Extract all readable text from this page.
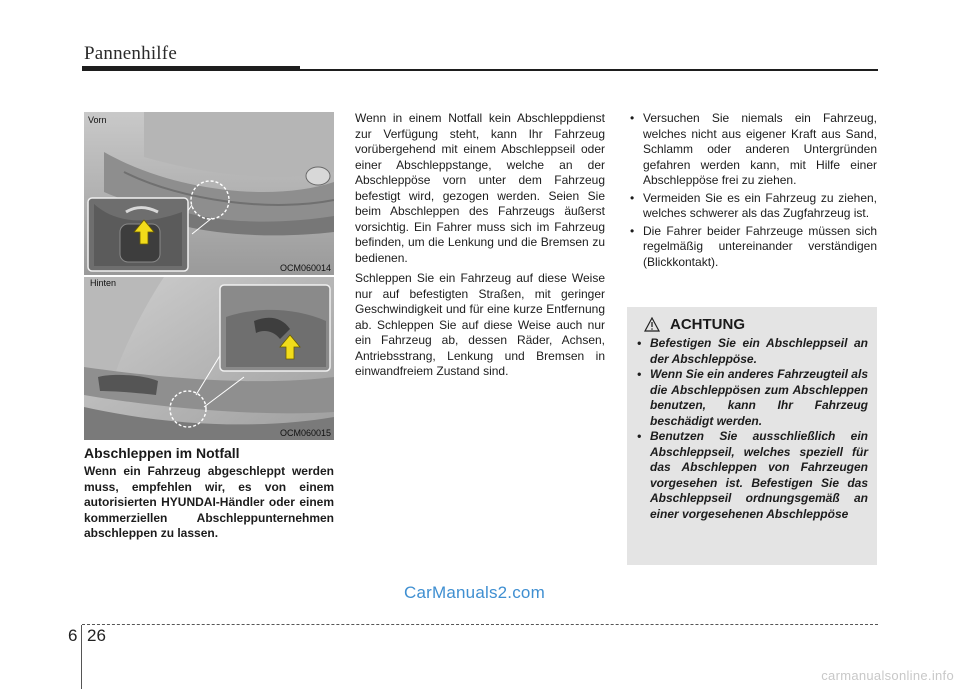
Pannenhilfe
Vorn
OCM060014
Hinten
OCM060015
Abschleppen im Notfall

Wenn ein Fahrzeug abgeschleppt werden muss, empfehlen wir, es von einem autorisierten HYUNDAI-Händler oder einem kommerziellen Abschleppunternehmen abschleppen zu lassen.

Wenn in einem Notfall kein Abschleppdienst zur Verfügung steht, kann Ihr Fahrzeug vorübergehend mit einem Abschleppseil oder einer Abschleppstange, welche an der Abschleppöse vorn unter dem Fahrzeug befestigt wird, gezogen werden. Seien Sie beim Abschleppen des Fahrzeugs äußerst vorsichtig. Ein Fahrer muss sich im Fahrzeug befinden, um die Lenkung und die Bremsen zu bedienen.

Schleppen Sie ein Fahrzeug auf diese Weise nur auf befestigten Straßen, mit geringer Geschwindigkeit und für eine kurze Entfernung ab. Schleppen Sie auf diese Weise auch nur ein Fahrzeug ab, dessen Räder, Achsen, Antriebsstrang, Lenkung und Bremsen in einwandfreiem Zustand sind.

• Versuchen Sie niemals ein Fahrzeug, welches nicht aus eigener Kraft aus Sand, Schlamm oder anderen Untergründen gefahren werden kann, mit Hilfe einer Abschleppöse frei zu ziehen.
• Vermeiden Sie es ein Fahrzeug zu ziehen, welches schwerer als das Zugfahrzeug ist.
• Die Fahrer beider Fahrzeuge müssen sich regelmäßig untereinander verständigen (Blickkontakt).
ACHTUNG
• Befestigen Sie ein Abschleppseil an der Abschleppöse.
• Wenn Sie ein anderes Fahrzeugteil als die Abschleppösen zum Abschleppen benutzen, kann Ihr Fahrzeug beschädigt werden.
• Benutzen Sie ausschließlich ein Abschleppseil, welches speziell für das Abschleppen von Fahrzeugen vorgesehen ist. Befestigen Sie das Abschleppseil ordnungsgemäß an einer vorgesehenen Abschleppöse
CarManuals2.com
6 26
carmanualsonline.info
